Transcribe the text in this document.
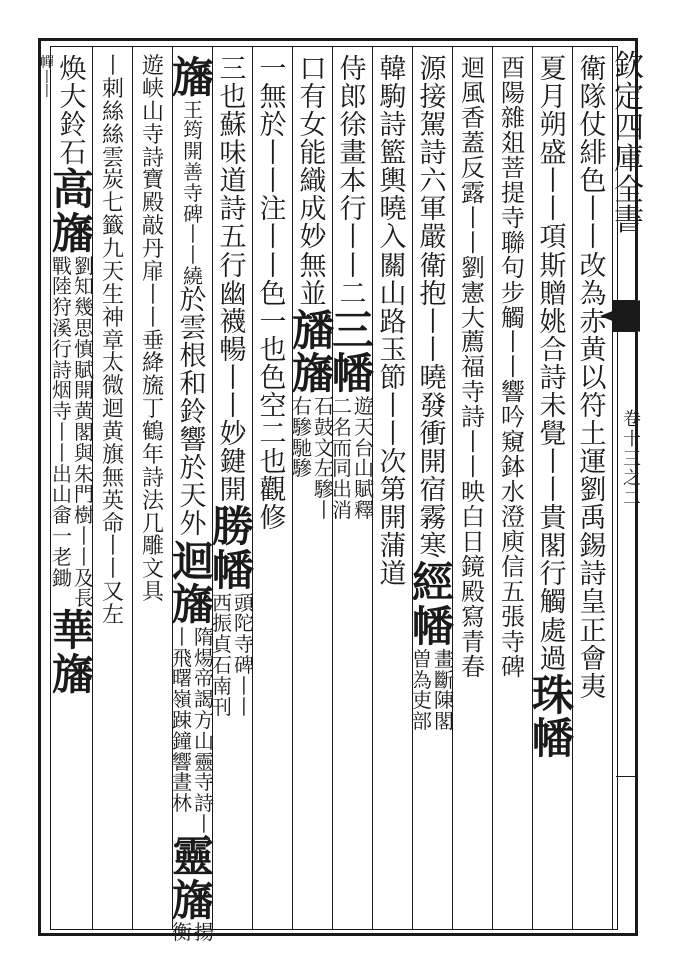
欽
定
四
庫
全
書
卷
十
三
之
二
衛
隊
仗
緋
色
丨
丨
改
為
赤
黄
以
符
土
運
劉
禹
錫
詩
皇
正
會
夷
夏
月
朔
盛
丨
丨
項
斯
贈
姚
合
詩
未
覺
丨
丨
貴
閣
行
觸
處
過
珠
幡
酉
陽
雜
爼
菩
提
寺
聯
句
步
觸
丨
丨
響
吟
窺
鉢
水
澄
庾
信
五
張
寺
碑
迴
風
香
蓋
反
露
丨
丨
劉
憲
大
薦
福
寺
詩
丨
丨
映
白
日
鏡
殿
寫
青
春
源
接
駕
詩
六
軍
嚴
衛
抱
丨
丨
曉
發
衝
開
宿
霧
寒
經
幡
畫
斷
陳
閣
曽
為
吏
部
韓
駒
詩
籃
輿
曉
入
關
山
路
玉
節
丨
丨
次
第
開
蒲
道
侍
郎
徐
畫
本
行
丨
丨
二
三
幡
遊
天
台
山
賦
釋
二
名
而
同
出
消
口
有
女
能
織
成
妙
無
並
旙
旛
石
鼓
文
左
驂
丨
右
驂
馳
驂
一
無
於
丨
丨
注
丨
丨
色
一
也
色
空
二
也
觀
修
三
也
蘇
味
道
詩
五
行
幽
襪
暢
丨
丨
妙
鍵
開
勝
幡
頭
陀
寺
碑
丨
丨
西
振
貞
石
南
刊
旛
王
筠
開
善
寺
碑
丨
丨
繞
於
雲
根
和
鈴
響
於
天
外
迴
旛
隋
煬
帝
謁
方
山
靈
寺
詩
丨
丨
飛
曙
嶺
踈
鐘
響
晝
林
靈
旛
揚
衡
遊
峡
山
寺
詩
寶
殿
敲
丹
扉
丨
丨
垂
絳
旒
丁
鶴
年
詩
法
几
雕
文
具
丨
刺
絲
絲
雲
炭
七
籤
九
天
生
神
章
太
微
迴
黄
旗
無
英
命
丨
丨
又
左
焕
大
鈴
石
高
旛
劉
知
幾
思
慎
賦
開
黄
閣
與
朱
門
樹
丨
丨
及
長
戰
陸
狩
溪
行
詩
烟
寺
丨
丨
出
山
畲
一
老
鋤
華
旛
幝
丨
丨
